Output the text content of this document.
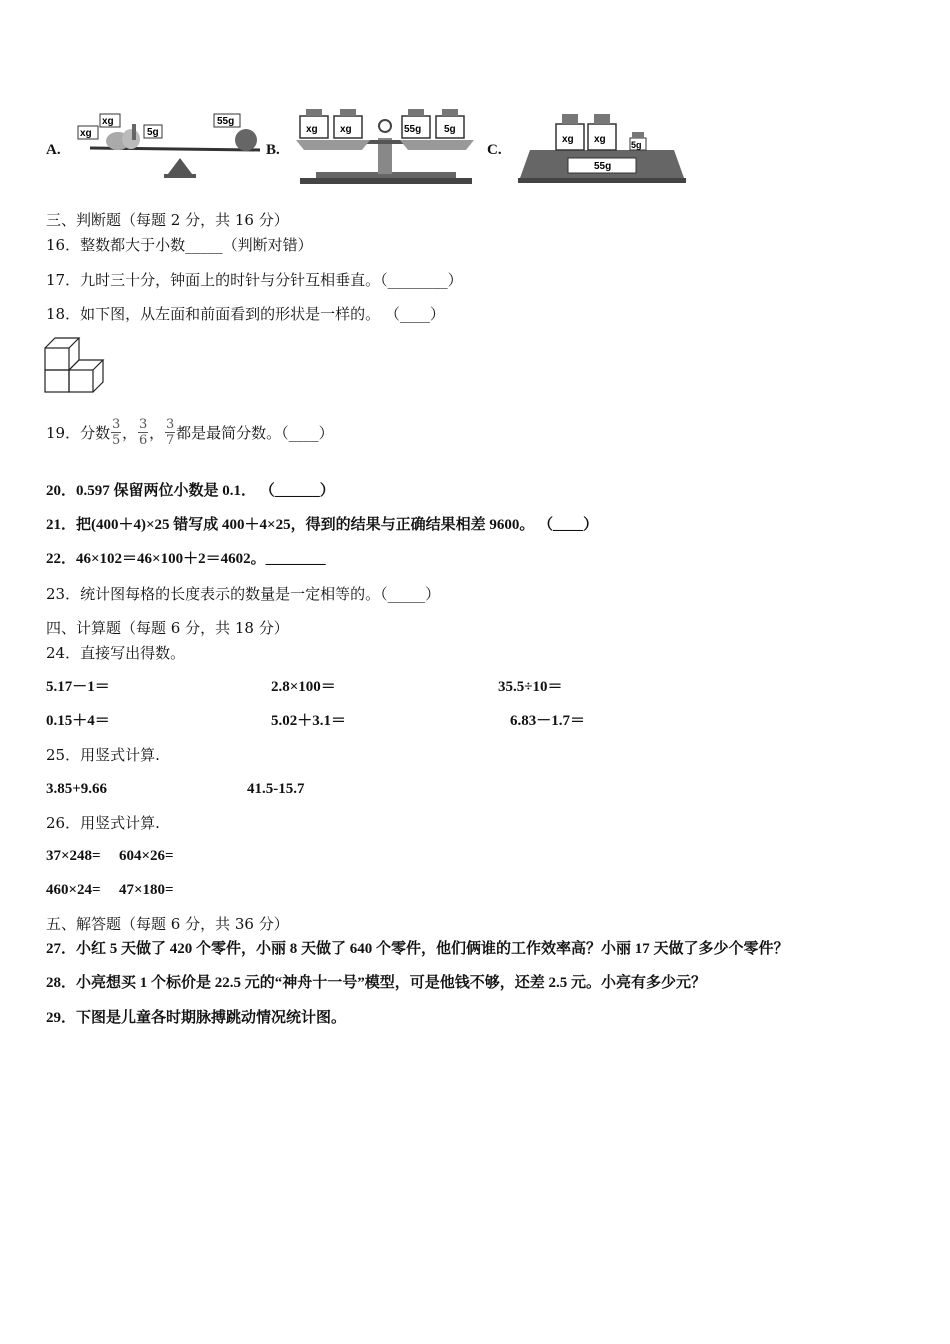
A.
xg
xg
5g
55g
B.
xg xg	55g 5g
C.
55g
xg xg	5g
三、判断题（每题 2 分，共 16 分）
16．整数都大于小数_____（判断对错）
17．九时三十分，钟面上的时针与分针互相垂直。（________）
18．如下图，从左面和前面看到的形状是一样的。 （____）
19．分数 $\frac{3}{5}$ ， $\frac{3}{6}$ ， $\frac{3}{7}$ 都是最简分数。（____）
20．0.597 保留两位小数是 0.1． （______）
21．把(400＋4)×25 错写成 400＋4×25，得到的结果与正确结果相差 9600。 （____）
22．46×102＝46×100＋2＝4602。________
23．统计图每格的长度表示的数量是一定相等的。（_____）
四、计算题（每题 6 分，共 18 分）
24．直接写出得数。
5.17－1＝	2.8×100＝	35.5÷10＝
0.15＋4＝	5.02＋3.1＝	6.83－1.7＝
25．用竖式计算.
3.85+9.66	41.5-15.7
26．用竖式计算.
37×248= 604×26=
460×24= 47×180=
五、解答题（每题 6 分，共 36 分）
27．小红 5 天做了 420 个零件，小丽 8 天做了 640 个零件，他们俩谁的工作效率高？小丽 17 天做了多少个零件？
28．小亮想买 1 个标价是 22.5 元的“神舟十一号”模型，可是他钱不够，还差 2.5 元。小亮有多少元？
29．下图是儿童各时期脉搏跳动情况统计图。
